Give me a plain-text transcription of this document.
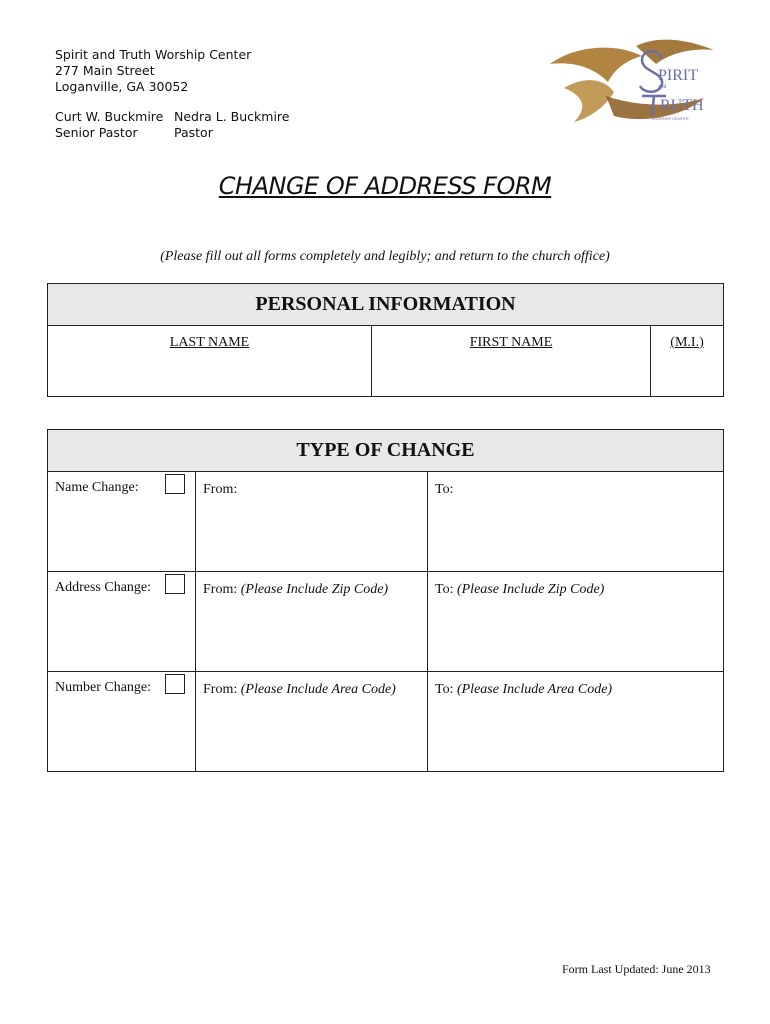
Spirit and Truth Worship Center
277 Main Street
Loganville, GA 30052
Curt W. Buckmire
Senior Pastor
Nedra L. Buckmire
Pastor
PIRIT
and
RUTH
WORSHIP CENTER
CHANGE OF ADDRESS FORM
(Please fill out all forms completely and legibly; and return to the church office)
PERSONAL INFORMATION
LAST NAME	FIRST NAME	(M.I.)
TYPE OF CHANGE		

Name Change:	From:	To:

Address Change:	From: (Please Include Zip Code)	To: (Please Include Zip Code)

Number Change:	From: (Please Include Area Code)	To: (Please Include Area Code)
Form Last Updated: June 2013
